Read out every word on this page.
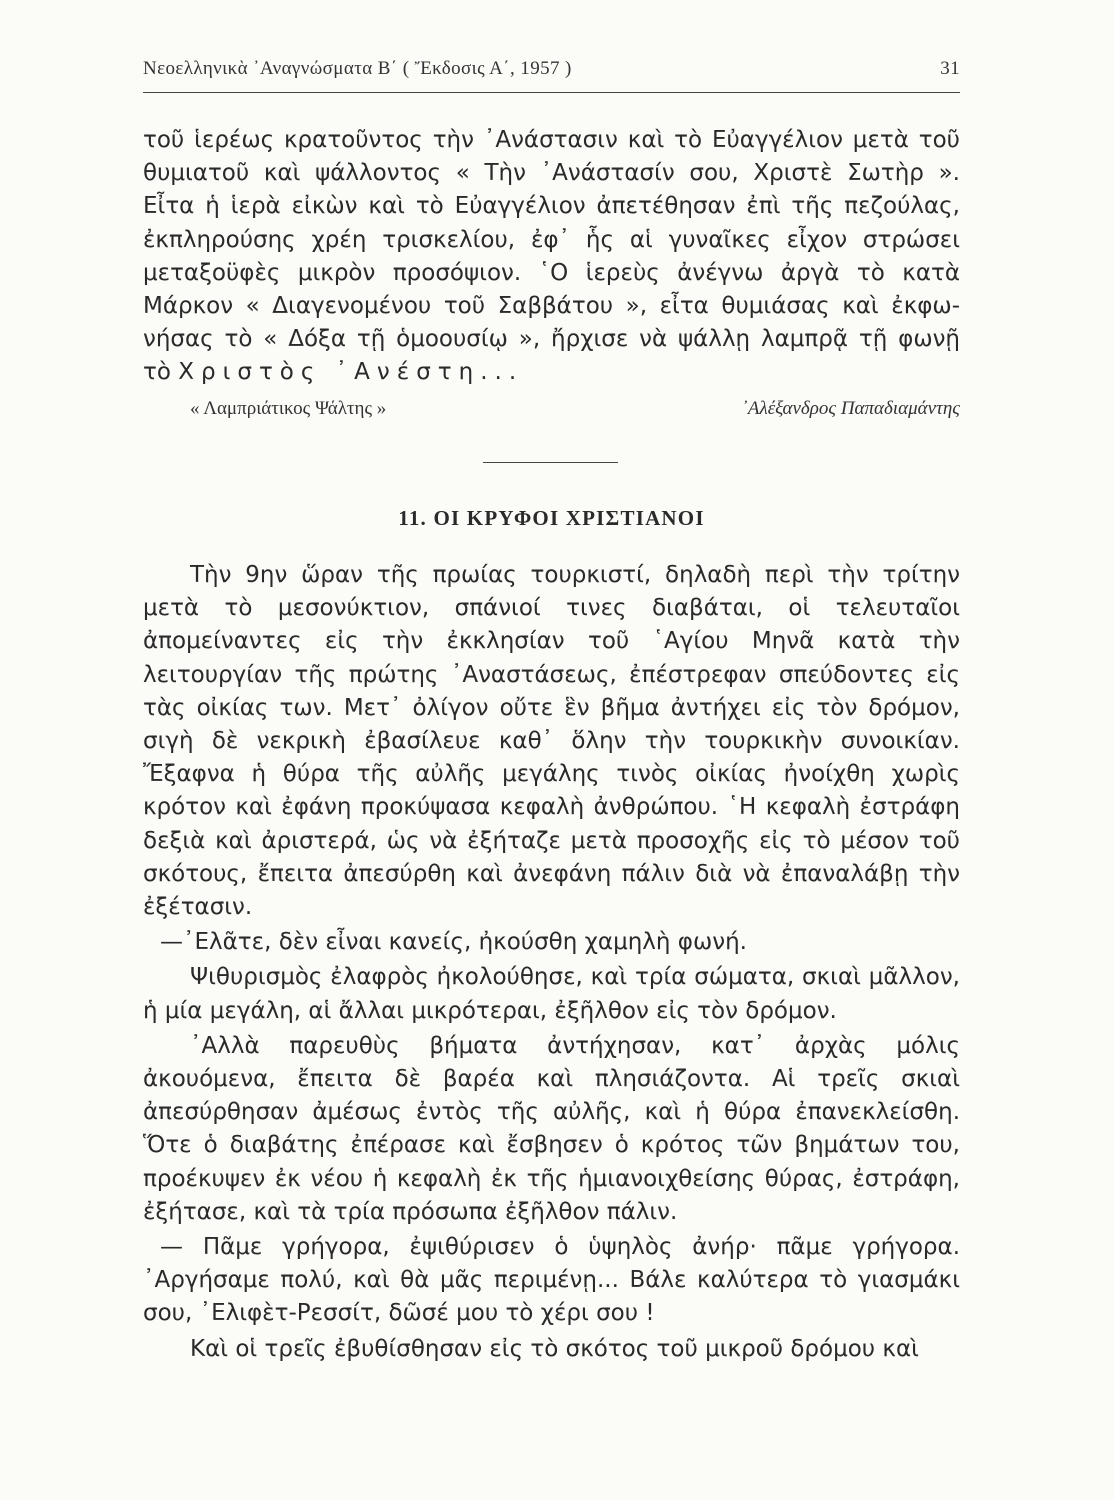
Νεοελληνικὰ ᾿Αναγνώσματα Β΄ ( Ἔκδοσις Α΄, 1957 )	31

τοῦ ἱερέως κρατοῦντος τὴν ᾿Ανάστασιν καὶ τὸ Εὐαγγέλιον μετὰ τοῦ

θυμιατοῦ καὶ ψάλλοντος « Τὴν ᾿Ανάστασίν σου, Χριστὲ Σωτὴρ ».

Εἶτα ἡ ἱερὰ εἰκὼν καὶ τὸ Εὐαγγέλιον ἀπετέθησαν ἐπὶ τῆς πεζούλας,

ἐκπληρούσης χρέη τρισκελίου, ἐφ᾿ ἧς αἱ γυναῖκες εἶχον στρώσει

μεταξοϋφὲς μικρὸν προσόψιον. ῾Ο ἱερεὺς ἀνέγνω ἀργὰ τὸ κατὰ

Μάρκον « Διαγενομένου τοῦ Σαββάτου », εἶτα θυμιάσας καὶ ἐκφω-

νήσας τὸ « Δόξα τῇ ὁμοουσίῳ », ἤρχισε νὰ ψάλλῃ λαμπρᾷ τῇ φωνῇ

τὸ Χριστὸς ᾿Ανέστη...

« Λαμπριάτικος Ψάλτης »	᾿Αλέξανδρος Παπαδιαμάντης
11. ΟΙ ΚΡΥΦΟΙ ΧΡΙΣΤΙΑΝΟΙ

Τὴν 9ην ὥραν τῆς πρωίας τουρκιστί, δηλαδὴ περὶ τὴν τρίτην μετὰ τὸ μεσονύκτιον, σπάνιοί τινες διαβάται, οἱ τελευταῖοι ἀπομείναντες εἰς τὴν ἐκκλησίαν τοῦ ῾Αγίου Μηνᾶ κατὰ τὴν λειτουργίαν τῆς πρώτης ᾿Αναστάσεως, ἐπέστρεφαν σπεύδοντες εἰς τὰς οἰκίας των. Μετ᾿ ὀλίγον οὔτε ἓν βῆμα ἀντήχει εἰς τὸν δρόμον, σιγὴ δὲ νεκρικὴ ἐβασίλευε καθ᾿ ὅλην τὴν τουρκικὴν συνοικίαν. Ἔξαφνα ἡ θύρα τῆς αὐλῆς μεγάλης τινὸς οἰκίας ἠνοίχθη χωρὶς κρότον καὶ ἐφάνη προκύψασα κεφαλὴ ἀνθρώπου. ῾Η κεφαλὴ ἐστράφη δεξιὰ καὶ ἀριστερά, ὡς νὰ ἐξήταζε μετὰ προσοχῆς εἰς τὸ μέσον τοῦ σκότους, ἔπειτα ἀπεσύρθη καὶ ἀνεφάνη πάλιν διὰ νὰ ἐπαναλάβῃ τὴν ἐξέτασιν.

—᾿Ελᾶτε, δὲν εἶναι κανείς, ἠκούσθη χαμηλὴ φωνή.

Ψιθυρισμὸς ἐλαφρὸς ἠκολούθησε, καὶ τρία σώματα, σκιαὶ μᾶλλον, ἡ μία μεγάλη, αἱ ἄλλαι μικρότεραι, ἐξῆλθον εἰς τὸν δρόμον.

᾿Αλλὰ παρευθὺς βήματα ἀντήχησαν, κατ᾿ ἀρχὰς μόλις ἀκουόμενα, ἔπειτα δὲ βαρέα καὶ πλησιάζοντα. Αἱ τρεῖς σκιαὶ ἀπεσύρθησαν ἀμέσως ἐντὸς τῆς αὐλῆς, καὶ ἡ θύρα ἐπανεκλείσθη. Ὅτε ὁ διαβάτης ἐπέρασε καὶ ἔσβησεν ὁ κρότος τῶν βημάτων του, προέκυψεν ἐκ νέου ἡ κεφαλὴ ἐκ τῆς ἡμιανοιχθείσης θύρας, ἐστράφη, ἐξήτασε, καὶ τὰ τρία πρόσωπα ἐξῆλθον πάλιν.

— Πᾶμε γρήγορα, ἐψιθύρισεν ὁ ὑψηλὸς ἀνήρ· πᾶμε γρήγορα. ᾿Αργήσαμε πολύ, καὶ θὰ μᾶς περιμένῃ... Βάλε καλύτερα τὸ γιασμάκι σου, ᾿Ελιφὲτ-Ρεσσίτ, δῶσέ μου τὸ χέρι σου !

Καὶ οἱ τρεῖς ἐβυθίσθησαν εἰς τὸ σκότος τοῦ μικροῦ δρόμου καὶ
